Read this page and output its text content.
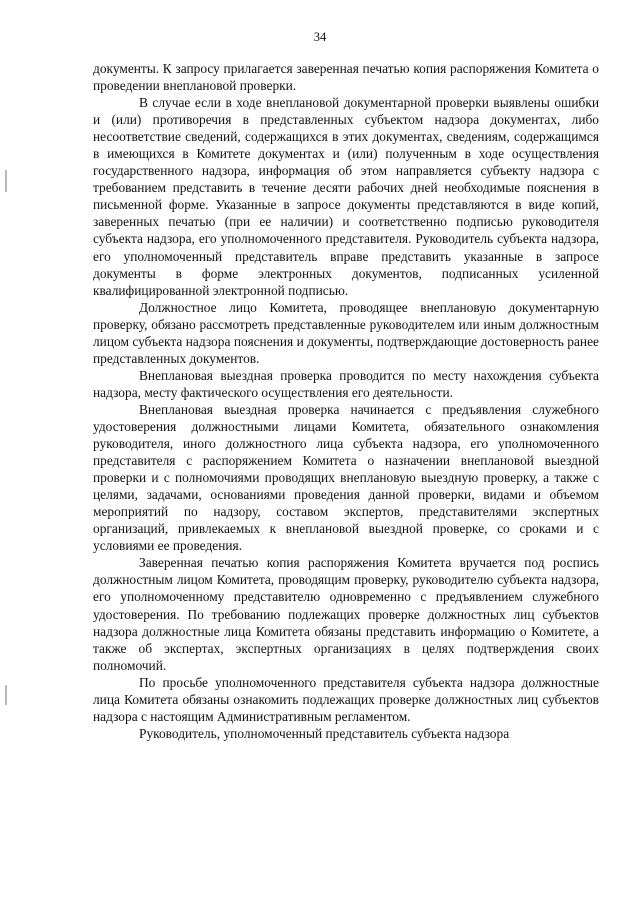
34

документы. К запросу прилагается заверенная печатью копия распоряжения Комитета о проведении внеплановой проверки.

В случае если в ходе внеплановой документарной проверки выявлены ошибки и (или) противоречия в представленных субъектом надзора документах, либо несоответствие сведений, содержащихся в этих документах, сведениям, содержащимся в имеющихся в Комитете документах и (или) полученным в ходе осуществления государственного надзора, информация об этом направляется субъекту надзора с требованием представить в течение десяти рабочих дней необходимые пояснения в письменной форме. Указанные в запросе документы представляются в виде копий, заверенных печатью (при ее наличии) и соответственно подписью руководителя субъекта надзора, его уполномоченного представителя. Руководитель субъекта надзора, его уполномоченный представитель вправе представить указанные в запросе документы в форме электронных документов, подписанных усиленной квалифицированной электронной подписью.

Должностное лицо Комитета, проводящее внеплановую документарную проверку, обязано рассмотреть представленные руководителем или иным должностным лицом субъекта надзора пояснения и документы, подтверждающие достоверность ранее представленных документов.

Внеплановая выездная проверка проводится по месту нахождения субъекта надзора, месту фактического осуществления его деятельности.

Внеплановая выездная проверка начинается с предъявления служебного удостоверения должностными лицами Комитета, обязательного ознакомления руководителя, иного должностного лица субъекта надзора, его уполномоченного представителя с распоряжением Комитета о назначении внеплановой выездной проверки и с полномочиями проводящих внеплановую выездную проверку, а также с целями, задачами, основаниями проведения данной проверки, видами и объемом мероприятий по надзору, составом экспертов, представителями экспертных организаций, привлекаемых к внеплановой выездной проверке, со сроками и с условиями ее проведения.

Заверенная печатью копия распоряжения Комитета вручается под роспись должностным лицом Комитета, проводящим проверку, руководителю субъекта надзора, его уполномоченному представителю одновременно с предъявлением служебного удостоверения. По требованию подлежащих проверке должностных лиц субъектов надзора должностные лица Комитета обязаны представить информацию о Комитете, а также об экспертах, экспертных организациях в целях подтверждения своих полномочий.

По просьбе уполномоченного представителя субъекта надзора должностные лица Комитета обязаны ознакомить подлежащих проверке должностных лиц субъектов надзора с настоящим Административным регламентом.

Руководитель, уполномоченный представитель субъекта надзора
